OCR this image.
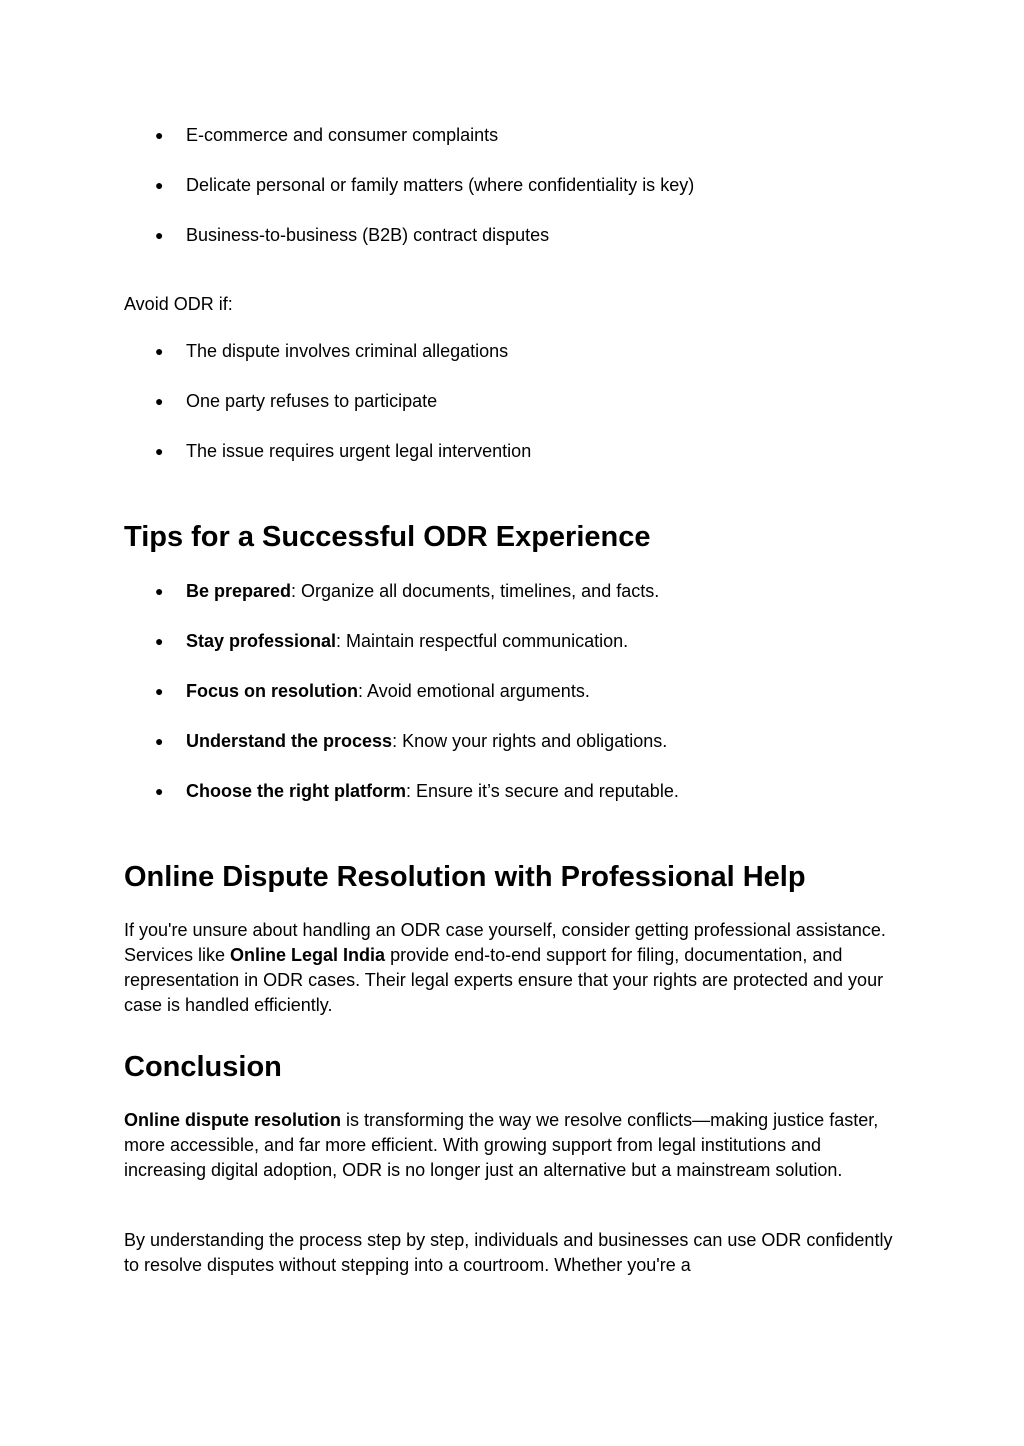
● E-commerce and consumer complaints
● Delicate personal or family matters (where confidentiality is key)
● Business-to-business (B2B) contract disputes

Avoid ODR if:

● The dispute involves criminal allegations
● One party refuses to participate
● The issue requires urgent legal intervention
Tips for a Successful ODR Experience
● Be prepared: Organize all documents, timelines, and facts.
● Stay professional: Maintain respectful communication.
● Focus on resolution: Avoid emotional arguments.
● Understand the process: Know your rights and obligations.
● Choose the right platform: Ensure it’s secure and reputable.
Online Dispute Resolution with Professional Help

If you're unsure about handling an ODR case yourself, consider getting professional assistance. Services like Online Legal India provide end-to-end support for filing, documentation, and representation in ODR cases. Their legal experts ensure that your rights are protected and your case is handled efficiently.

Conclusion

Online dispute resolution is transforming the way we resolve conflicts—making justice faster, more accessible, and far more efficient. With growing support from legal institutions and increasing digital adoption, ODR is no longer just an alternative but a mainstream solution.

By understanding the process step by step, individuals and businesses can use ODR confidently to resolve disputes without stepping into a courtroom. Whether you're a
